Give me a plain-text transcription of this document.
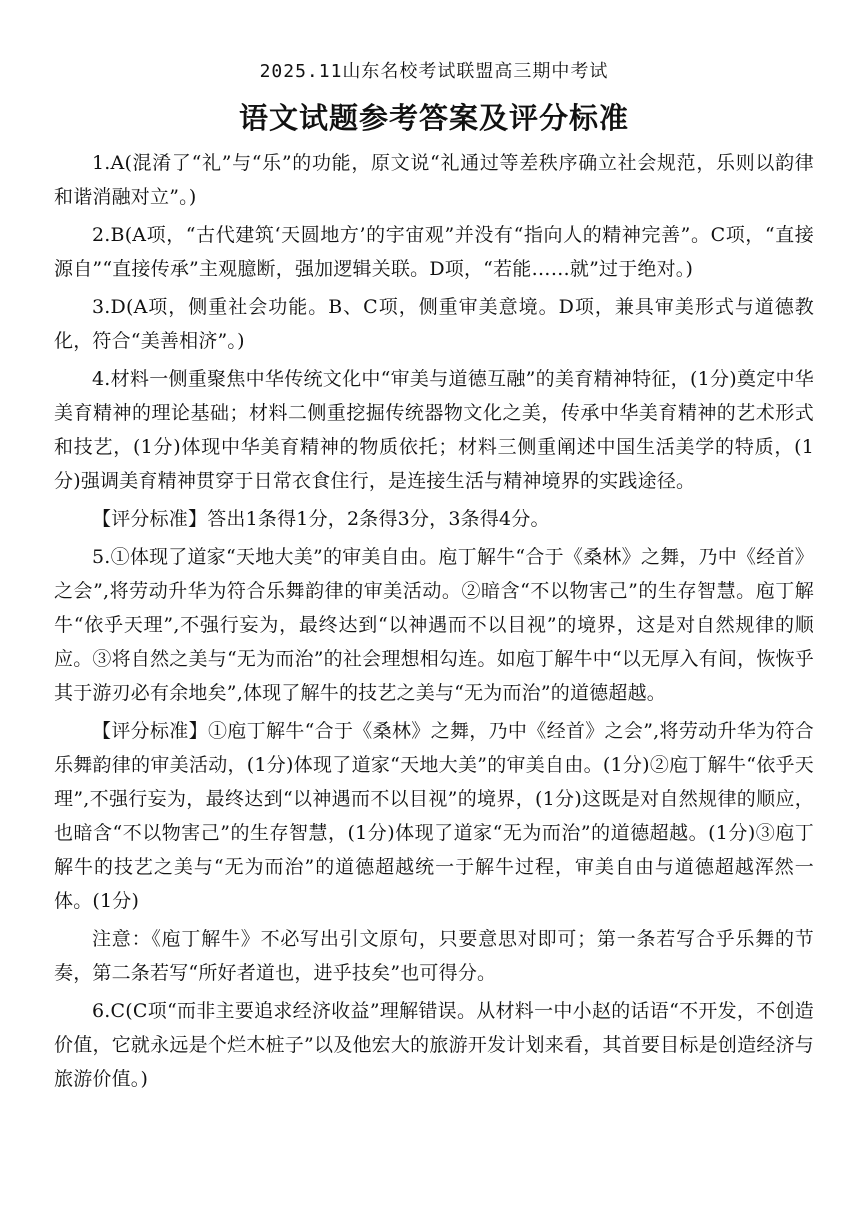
2025.11山东名校考试联盟高三期中考试
语文试题参考答案及评分标准

1.A(混淆了“礼”与“乐”的功能，原文说“礼通过等差秩序确立社会规范，乐则以韵律和谐消融对立”。)

2.B(A项，“古代建筑‘天圆地方’的宇宙观”并没有“指向人的精神完善”。C项，“直接源自”“直接传承”主观臆断，强加逻辑关联。D项，“若能……就”过于绝对。)

3.D(A项，侧重社会功能。B、C项，侧重审美意境。D项，兼具审美形式与道德教化，符合“美善相济”。)

4.材料一侧重聚焦中华传统文化中“审美与道德互融”的美育精神特征，(1分)奠定中华美育精神的理论基础；材料二侧重挖掘传统器物文化之美，传承中华美育精神的艺术形式和技艺，(1分)体现中华美育精神的物质依托；材料三侧重阐述中国生活美学的特质，(1分)强调美育精神贯穿于日常衣食住行，是连接生活与精神境界的实践途径。

【评分标准】答出1条得1分，2条得3分，3条得4分。

5.①体现了道家“天地大美”的审美自由。庖丁解牛“合于《桑林》之舞，乃中《经首》之会”,将劳动升华为符合乐舞韵律的审美活动。②暗含“不以物害己”的生存智慧。庖丁解牛“依乎天理”,不强行妄为，最终达到“以神遇而不以目视”的境界，这是对自然规律的顺应。③将自然之美与“无为而治”的社会理想相勾连。如庖丁解牛中“以无厚入有间，恢恢乎其于游刃必有余地矣”,体现了解牛的技艺之美与“无为而治”的道德超越。

【评分标准】①庖丁解牛“合于《桑林》之舞，乃中《经首》之会”,将劳动升华为符合乐舞韵律的审美活动，(1分)体现了道家“天地大美”的审美自由。(1分)②庖丁解牛“依乎天理”,不强行妄为，最终达到“以神遇而不以目视”的境界，(1分)这既是对自然规律的顺应，也暗含“不以物害己”的生存智慧，(1分)体现了道家“无为而治”的道德超越。(1分)③庖丁解牛的技艺之美与“无为而治”的道德超越统一于解牛过程，审美自由与道德超越浑然一体。(1分)

注意：《庖丁解牛》不必写出引文原句，只要意思对即可；第一条若写合乎乐舞的节奏，第二条若写“所好者道也，进乎技矣”也可得分。

6.C(C项“而非主要追求经济收益”理解错误。从材料一中小赵的话语“不开发，不创造价值，它就永远是个烂木桩子”以及他宏大的旅游开发计划来看，其首要目标是创造经济与旅游价值。)
